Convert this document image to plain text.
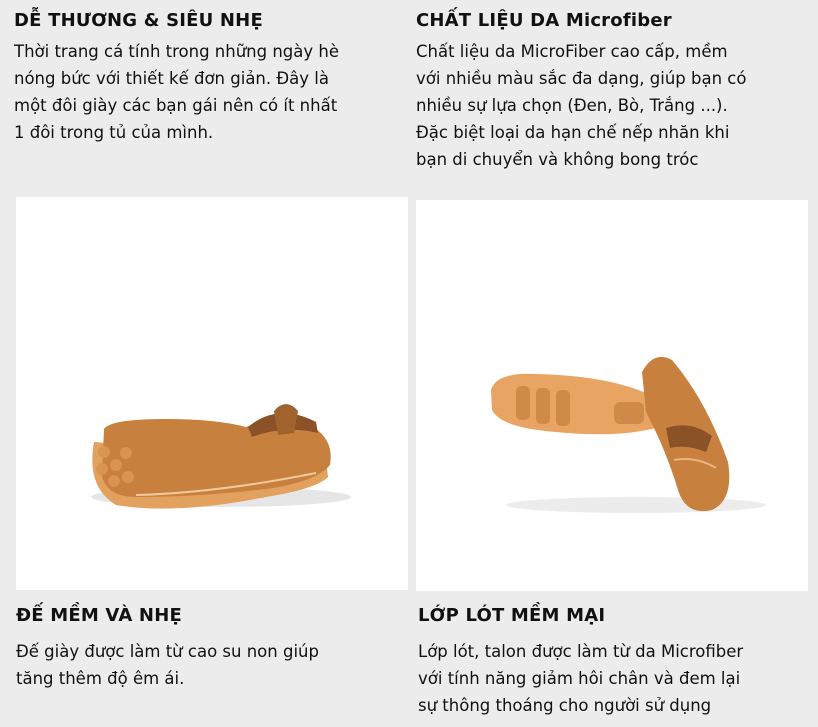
DỄ THƯƠNG & SIÊU NHẸ

Thời trang cá tính trong những ngày hè

nóng bức với thiết kế đơn giản. Đây là

một đôi giày các bạn gái nên có ít nhất

1 đôi trong tủ của mình.

CHẤT LIỆU DA Microfiber

Chất liệu da MicroFiber cao cấp, mềm

với nhiều màu sắc đa dạng, giúp bạn có

nhiều sự lựa chọn (Đen, Bò, Trắng ...).

Đặc biệt loại da hạn chế nếp nhăn khi

bạn di chuyển và không bong tróc

ĐẾ MỀM VÀ NHẸ

Đế giày được làm từ cao su non giúp

tăng thêm độ êm ái.

LỚP LÓT MỀM MẠI

Lớp lót, talon được làm từ da Microfiber

với tính năng giảm hôi chân và đem lại

sự thông thoáng cho người sử dụng
